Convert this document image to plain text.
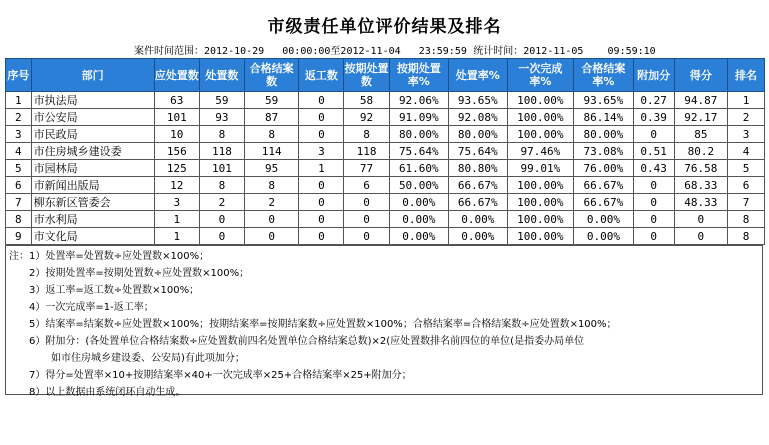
市级责任单位评价结果及排名
案件时间范围：2012-10-29   00:00:00至2012-11-04   23:59:59 统计时间：2012-11-05    09:59:10
序号	部门	应处置数	处置数	合格结案数	返工数	按期处置数	按期处置率%	处置率%	一次完成率%	合格结案率%	附加分	得分	排名
1	市执法局	63	59	59	0	58	92.06%	93.65%	100.00%	93.65%	0.27	94.87	1
2	市公安局	101	93	87	0	92	91.09%	92.08%	100.00%	86.14%	0.39	92.17	2
3	市民政局	10	8	8	0	8	80.00%	80.00%	100.00%	80.00%	0	85	3
4	市住房城乡建设委	156	118	114	3	118	75.64%	75.64%	97.46%	73.08%	0.51	80.2	4
5	市园林局	125	101	95	1	77	61.60%	80.80%	99.01%	76.00%	0.43	76.58	5
6	市新闻出版局	12	8	8	0	6	50.00%	66.67%	100.00%	66.67%	0	68.33	6
7	柳东新区管委会	3	2	2	0	0	0.00%	66.67%	100.00%	66.67%	0	48.33	7
8	市水利局	1	0	0	0	0	0.00%	0.00%	100.00%	0.00%	0	0	8
9	市文化局	1	0	0	0	0	0.00%	0.00%	100.00%	0.00%	0	0	8
注：1）处置率=处置数÷应处置数×100%；
2）按期处置率=按期处置数÷应处置数×100%；
3）返工率=返工数÷处置数×100%；
4）一次完成率=1-返工率；
5）结案率=结案数÷应处置数×100%；按期结案率=按期结案数÷应处置数×100%；合格结案率=合格结案数÷应处置数×100%；
6）附加分：(各处置单位合格结案数÷应处置数前四名处置单位合格结案总数)×2(应处置数排名前四位的单位(是指委办局单位
如市住房城乡建设委、公安局)有此项加分；
7）得分=处置率×10+按期结案率×40+一次完成率×25+合格结案率×25+附加分；
8）以上数据由系统闭环自动生成。
